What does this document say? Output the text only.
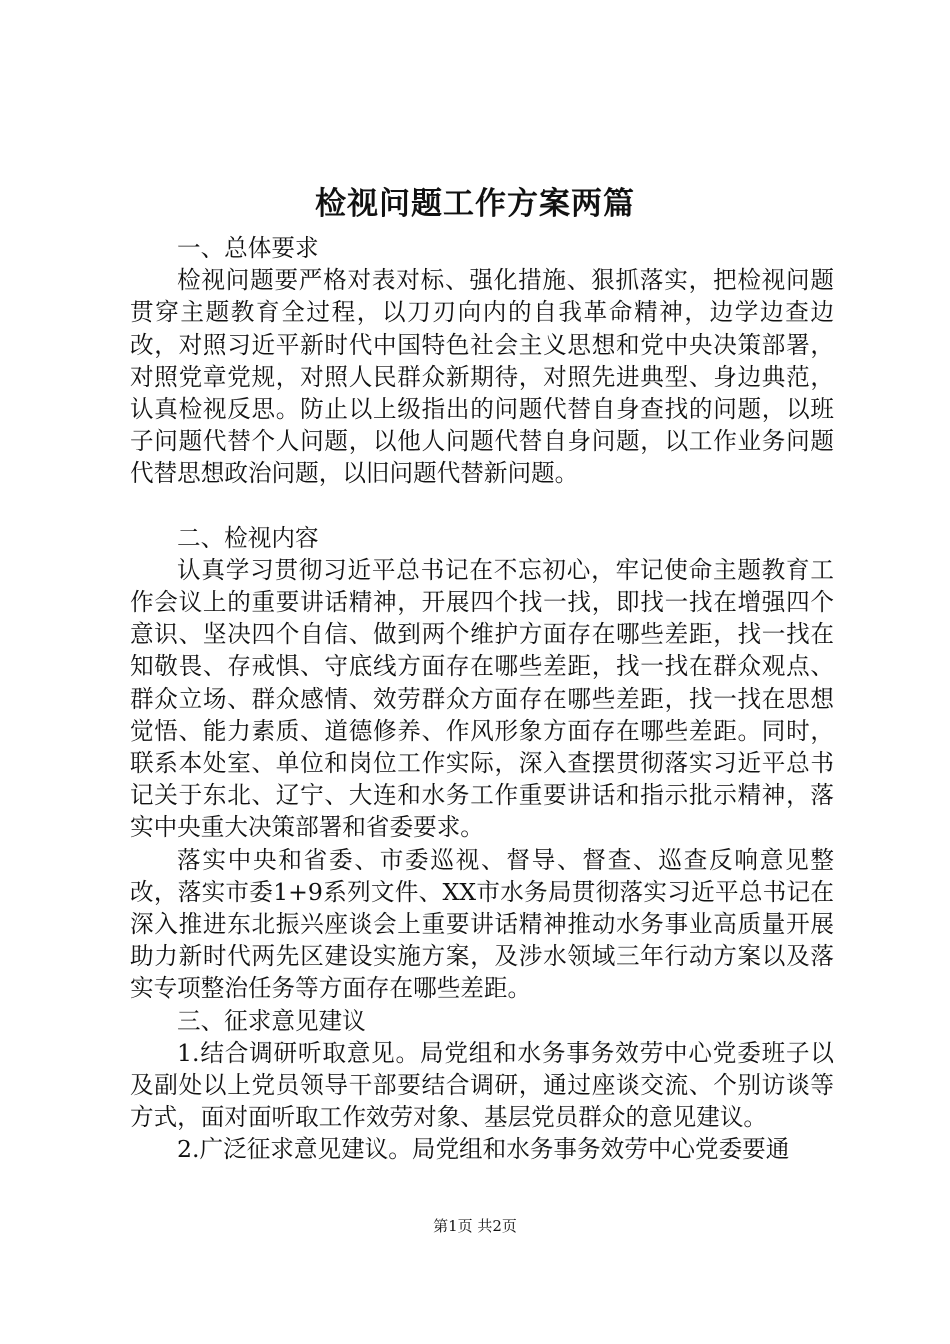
检视问题工作方案两篇

一、总体要求

检视问题要严格对表对标、强化措施、狠抓落实，把检视问题贯穿主题教育全过程，以刀刃向内的自我革命精神，边学边查边改，对照习近平新时代中国特色社会主义思想和党中央决策部署，对照党章党规，对照人民群众新期待，对照先进典型、身边典范，认真检视反思。防止以上级指出的问题代替自身查找的问题，以班子问题代替个人问题，以他人问题代替自身问题，以工作业务问题代替思想政治问题，以旧问题代替新问题。

二、检视内容

认真学习贯彻习近平总书记在不忘初心，牢记使命主题教育工作会议上的重要讲话精神，开展四个找一找，即找一找在增强四个意识、坚决四个自信、做到两个维护方面存在哪些差距，找一找在知敬畏、存戒惧、守底线方面存在哪些差距，找一找在群众观点、群众立场、群众感情、效劳群众方面存在哪些差距，找一找在思想觉悟、能力素质、道德修养、作风形象方面存在哪些差距。同时，联系本处室、单位和岗位工作实际，深入查摆贯彻落实习近平总书记关于东北、辽宁、大连和水务工作重要讲话和指示批示精神，落实中央重大决策部署和省委要求。

落实中央和省委、市委巡视、督导、督查、巡查反响意见整改，落实市委1+9系列文件、XX市水务局贯彻落实习近平总书记在深入推进东北振兴座谈会上重要讲话精神推动水务事业高质量开展助力新时代两先区建设实施方案，及涉水领域三年行动方案以及落实专项整治任务等方面存在哪些差距。

三、征求意见建议

1.结合调研听取意见。局党组和水务事务效劳中心党委班子以及副处以上党员领导干部要结合调研，通过座谈交流、个别访谈等方式，面对面听取工作效劳对象、基层党员群众的意见建议。

2.广泛征求意见建议。局党组和水务事务效劳中心党委要通

第1页 共2页
